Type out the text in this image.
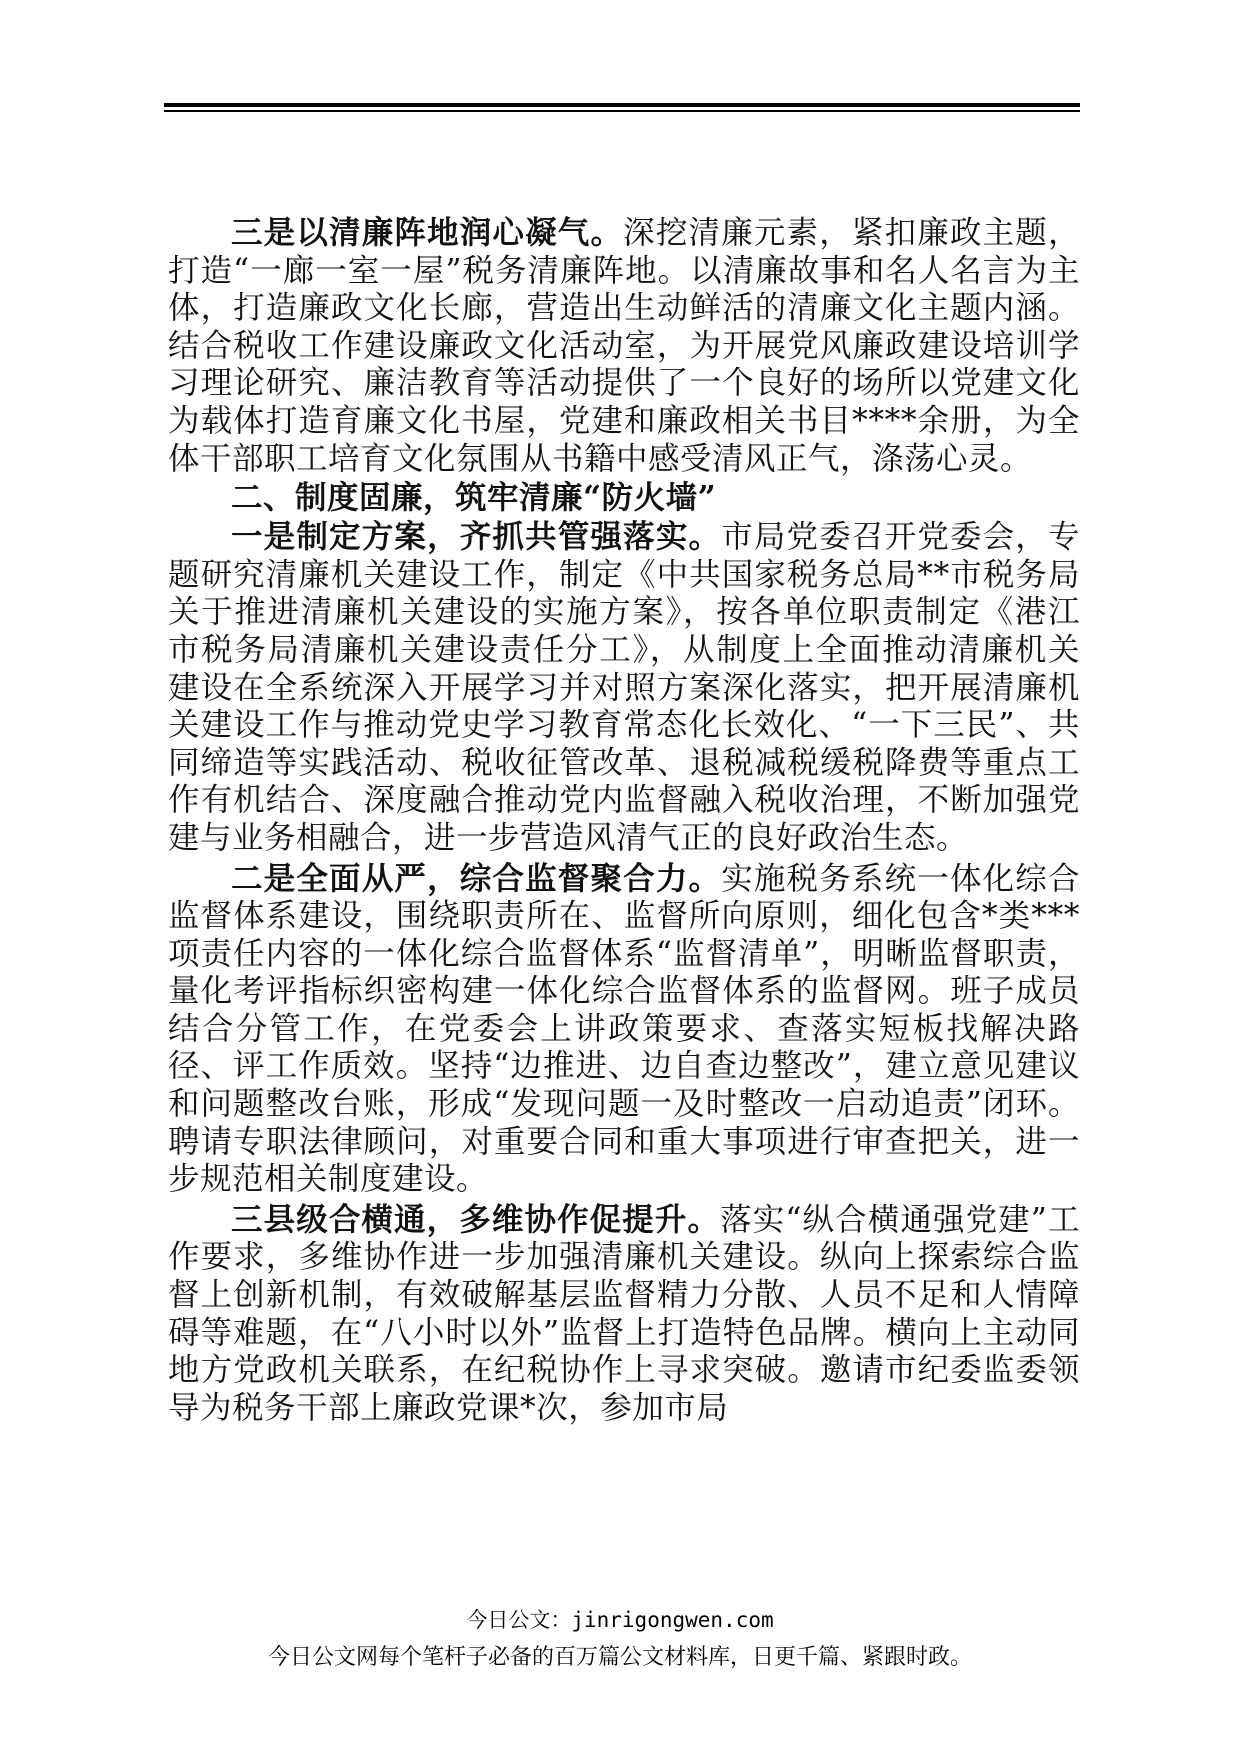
三是以清廉阵地润心凝气。深挖清廉元素，紧扣廉政主题，打造“一廊一室一屋”税务清廉阵地。以清廉故事和名人名言为主体，打造廉政文化长廊，营造出生动鲜活的清廉文化主题内涵。结合税收工作建设廉政文化活动室，为开展党风廉政建设培训学习理论研究、廉洁教育等活动提供了一个良好的场所以党建文化为载体打造育廉文化书屋，党建和廉政相关书目****余册，为全体干部职工培育文化氛围从书籍中感受清风正气，涤荡心灵。

二、制度固廉，筑牢清廉“防火墙”

一是制定方案，齐抓共管强落实。市局党委召开党委会，专题研究清廉机关建设工作，制定《中共国家税务总局**市税务局关于推进清廉机关建设的实施方案》，按各单位职责制定《港江市税务局清廉机关建设责任分工》，从制度上全面推动清廉机关建设在全系统深入开展学习并对照方案深化落实，把开展清廉机关建设工作与推动党史学习教育常态化长效化、“一下三民”、共同缔造等实践活动、税收征管改革、退税减税缓税降费等重点工作有机结合、深度融合推动党内监督融入税收治理，不断加强党建与业务相融合，进一步营造风清气正的良好政治生态。

二是全面从严，综合监督聚合力。实施税务系统一体化综合监督体系建设，围绕职责所在、监督所向原则，细化包含*类***项责任内容的一体化综合监督体系“监督清单”，明晰监督职责，量化考评指标织密构建一体化综合监督体系的监督网。班子成员结合分管工作，在党委会上讲政策要求、查落实短板找解决路径、评工作质效。坚持“边推进、边自查边整改”，建立意见建议和问题整改台账，形成“发现问题一及时整改一启动追责”闭环。聘请专职法律顾问，对重要合同和重大事项进行审查把关，进一步规范相关制度建设。

三县级合横通，多维协作促提升。落实“纵合横通强党建”工作要求，多维协作进一步加强清廉机关建设。纵向上探索综合监督上创新机制，有效破解基层监督精力分散、人员不足和人情障碍等难题，在“八小时以外”监督上打造特色品牌。横向上主动同地方党政机关联系，在纪税协作上寻求突破。邀请市纪委监委领导为税务干部上廉政党课*次，参加市局

今日公文：jinrigongwen.com
今日公文网每个笔杆子必备的百万篇公文材料库，日更千篇、紧跟时政。
